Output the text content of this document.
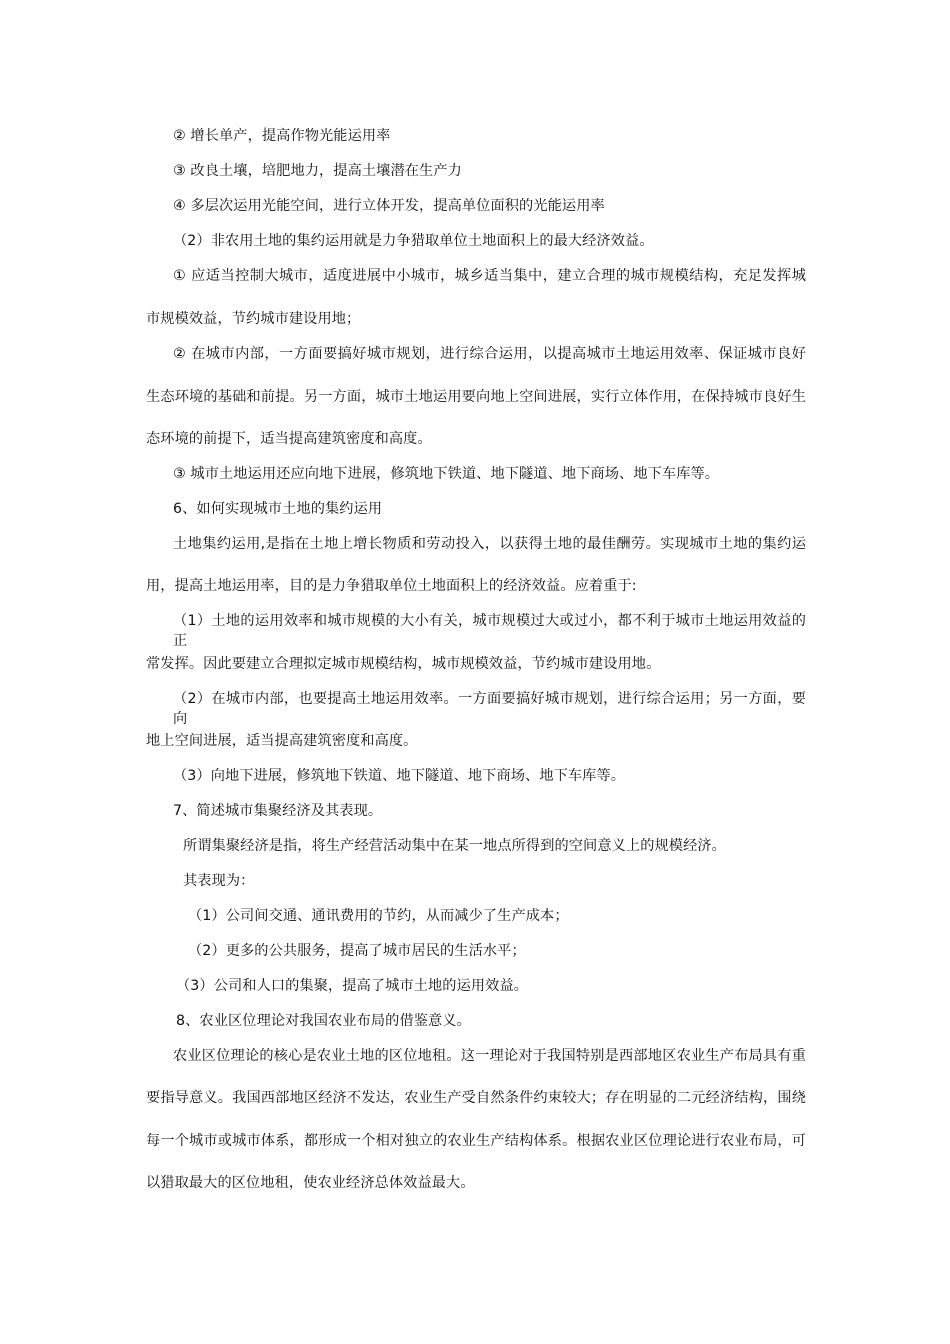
② 增长单产，提高作物光能运用率

③ 改良土壤，培肥地力，提高土壤潜在生产力

④ 多层次运用光能空间，进行立体开发，提高单位面积的光能运用率

（2）非农用土地的集约运用就是力争猎取单位土地面积上的最大经济效益。

① 应适当控制大城市，适度进展中小城市，城乡适当集中，建立合理的城市规模结构，充足发挥城

市规模效益，节约城市建设用地；

② 在城市内部，一方面要搞好城市规划，进行综合运用，以提高城市土地运用效率、保证城市良好

生态环境的基础和前提。另一方面，城市土地运用要向地上空间进展，实行立体作用，在保持城市良好生

态环境的前提下，适当提高建筑密度和高度。

③ 城市土地运用还应向地下进展，修筑地下铁道、地下隧道、地下商场、地下车库等。

6、如何实现城市土地的集约运用

土地集约运用,是指在土地上增长物质和劳动投入，以获得土地的最佳酬劳。实现城市土地的集约运

用，提高土地运用率，目的是力争猎取单位土地面积上的经济效益。应着重于:

（1）土地的运用效率和城市规模的大小有关，城市规模过大或过小，都不利于城市土地运用效益的正

常发挥。因此要建立合理拟定城市规模结构，城市规模效益，节约城市建设用地。

（2）在城市内部，也要提高土地运用效率。一方面要搞好城市规划，进行综合运用；另一方面，要向

地上空间进展，适当提高建筑密度和高度。

（3）向地下进展，修筑地下铁道、地下隧道、地下商场、地下车库等。

7、简述城市集聚经济及其表现。

所谓集聚经济是指，将生产经营活动集中在某一地点所得到的空间意义上的规模经济。

其表现为：

（1）公司间交通、通讯费用的节约，从而减少了生产成本；

（2）更多的公共服务，提高了城市居民的生活水平；

（3）公司和人口的集聚，提高了城市土地的运用效益。

8、农业区位理论对我国农业布局的借鉴意义。

农业区位理论的核心是农业土地的区位地租。这一理论对于我国特别是西部地区农业生产布局具有重

要指导意义。我国西部地区经济不发达，农业生产受自然条件约束较大；存在明显的二元经济结构，围绕

每一个城市或城市体系，都形成一个相对独立的农业生产结构体系。根据农业区位理论进行农业布局，可

以猎取最大的区位地租，使农业经济总体效益最大。
